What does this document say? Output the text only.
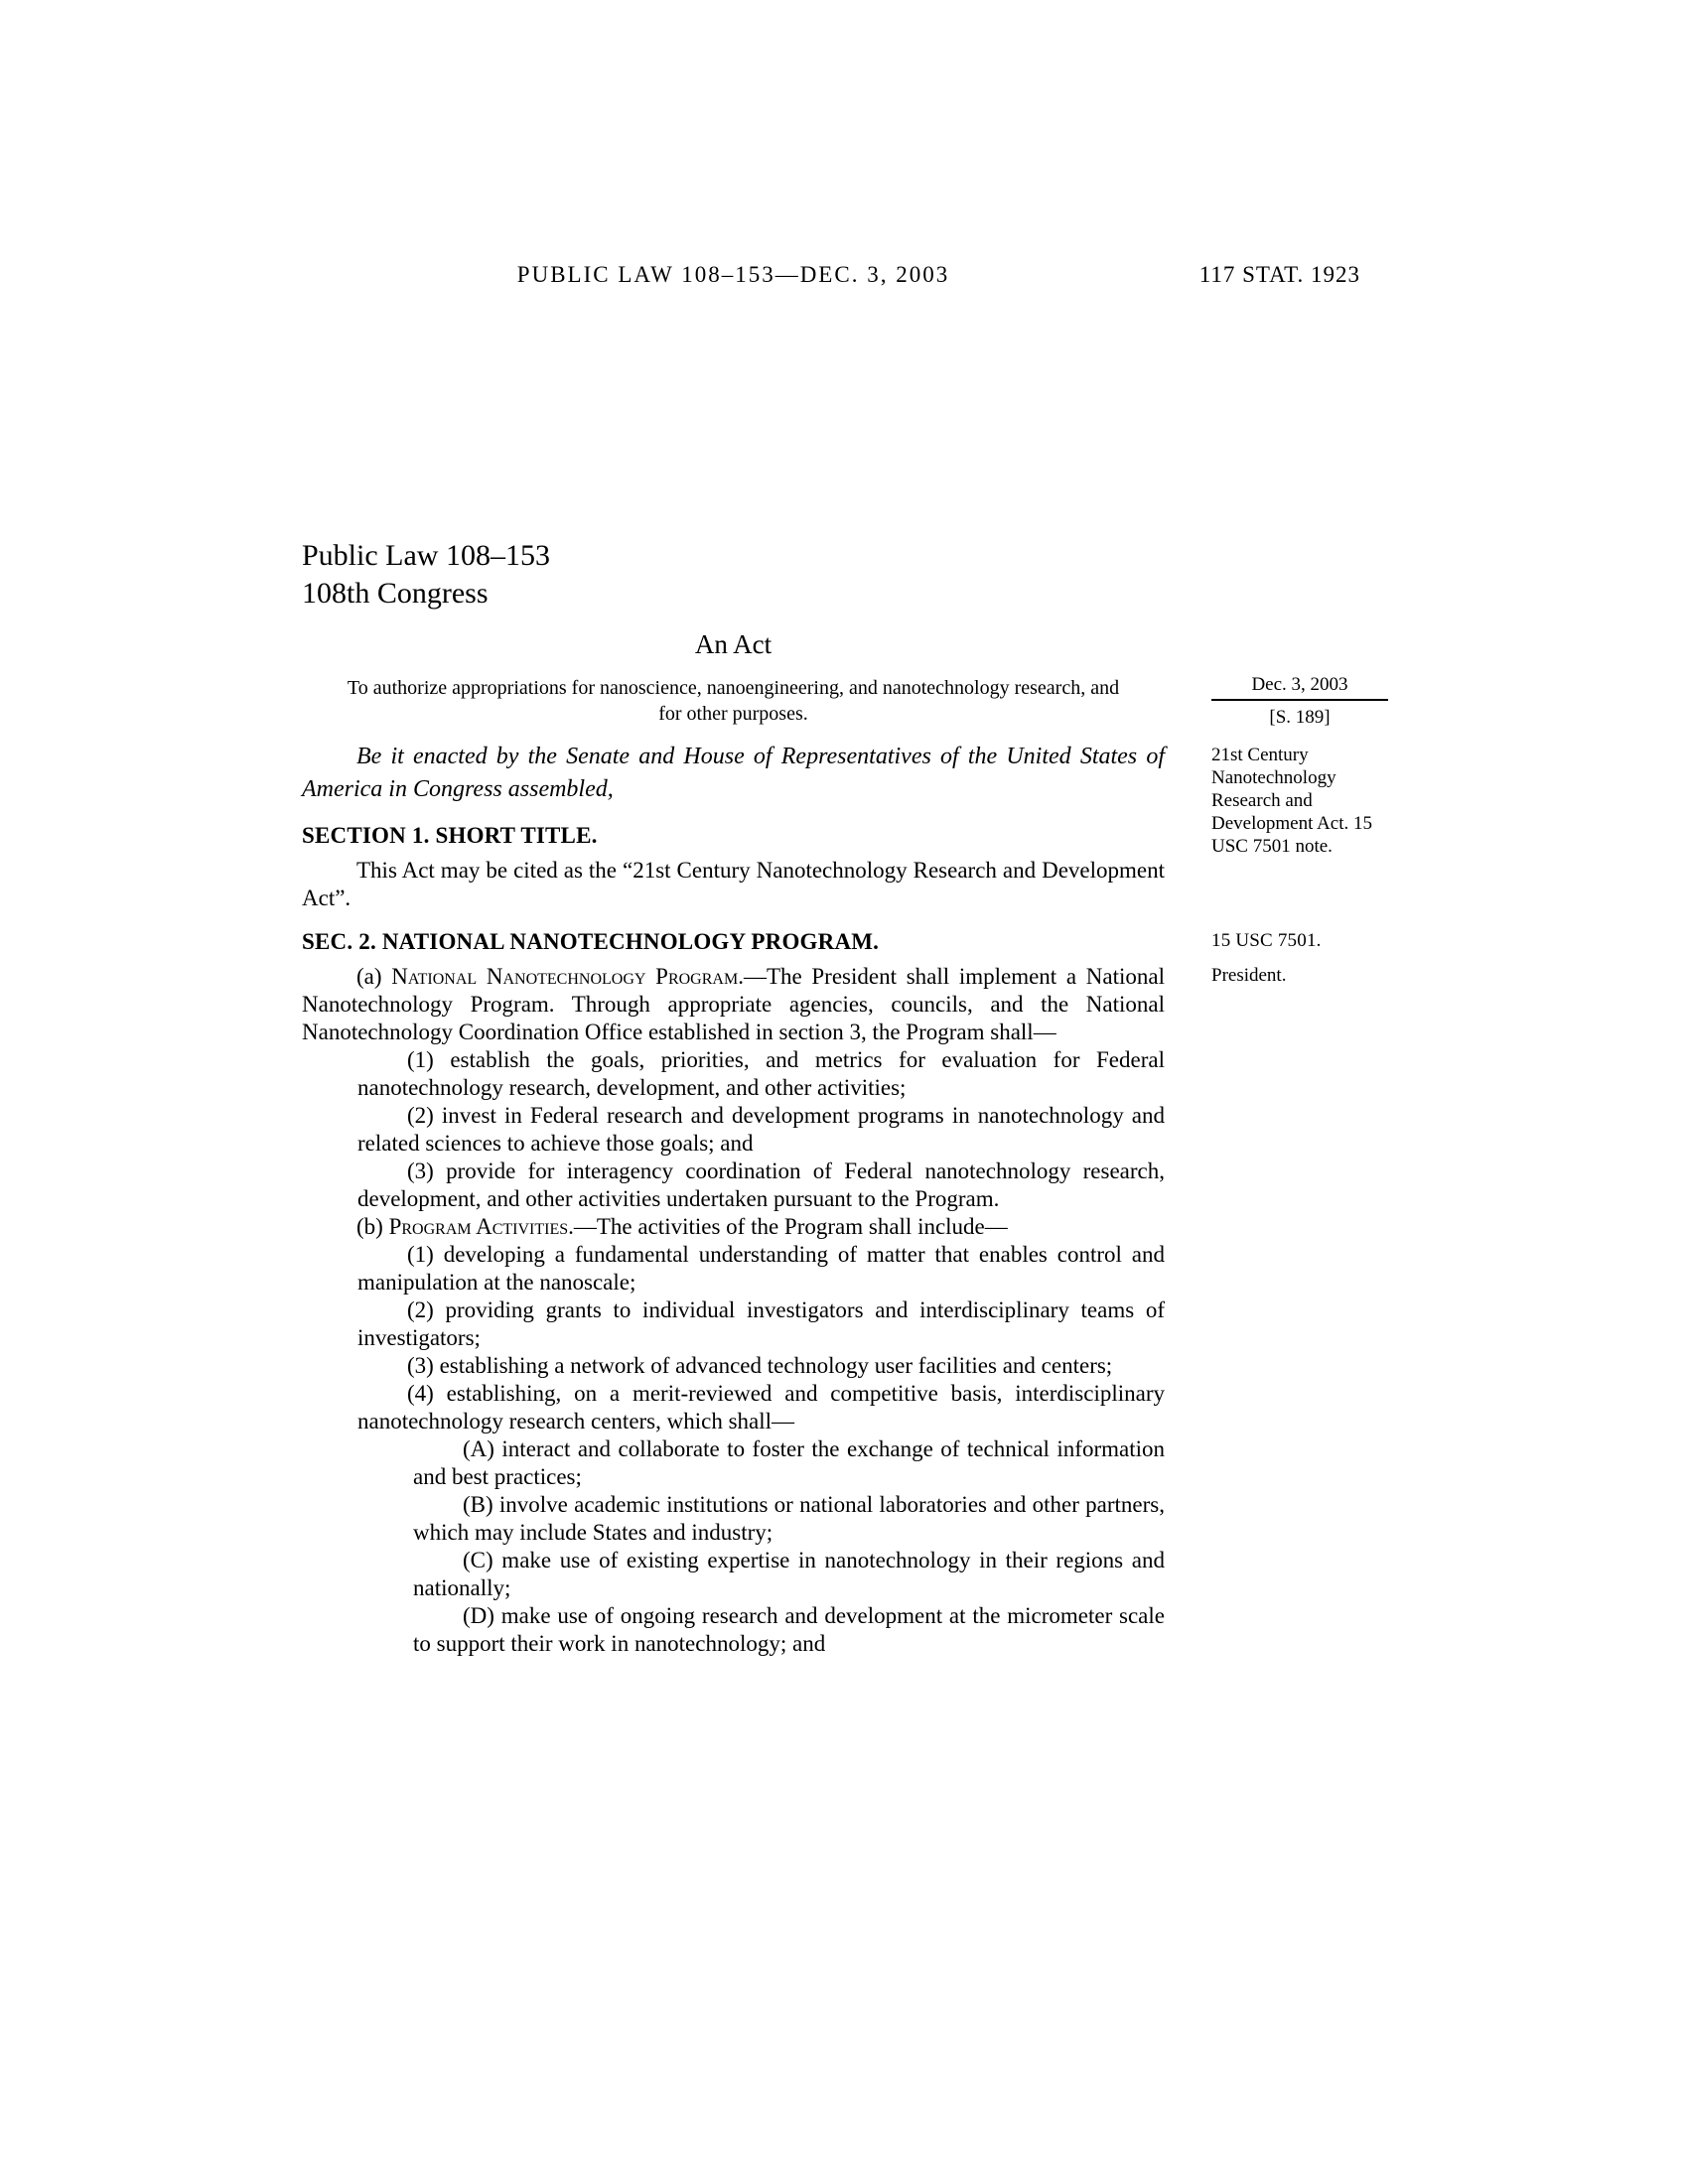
PUBLIC LAW 108–153—DEC. 3, 2003	117 STAT. 1923
Public Law 108–153
108th Congress
An Act

To authorize appropriations for nanoscience, nanoengineering, and nanotechnology research, and for other purposes.

Dec. 3, 2003
[S. 189]

Be it enacted by the Senate and House of Representatives of the United States of America in Congress assembled,
21st Century Nanotechnology Research and Development Act. 15 USC 7501 note.

SECTION 1. SHORT TITLE.

This Act may be cited as the “21st Century Nanotechnology Research and Development Act”.

SEC. 2. NATIONAL NANOTECHNOLOGY PROGRAM.	15 USC 7501.

(a) National Nanotechnology Program.—The President shall implement a National Nanotechnology Program. Through appropriate agencies, councils, and the National Nanotechnology Coordination Office established in section 3, the Program shall—
President.

(1) establish the goals, priorities, and metrics for evaluation for Federal nanotechnology research, development, and other activities;

(2) invest in Federal research and development programs in nanotechnology and related sciences to achieve those goals; and

(3) provide for interagency coordination of Federal nanotechnology research, development, and other activities undertaken pursuant to the Program.

(b) Program Activities.—The activities of the Program shall include—

(1) developing a fundamental understanding of matter that enables control and manipulation at the nanoscale;

(2) providing grants to individual investigators and interdisciplinary teams of investigators;

(3) establishing a network of advanced technology user facilities and centers;

(4) establishing, on a merit-reviewed and competitive basis, interdisciplinary nanotechnology research centers, which shall—

(A) interact and collaborate to foster the exchange of technical information and best practices;

(B) involve academic institutions or national laboratories and other partners, which may include States and industry;

(C) make use of existing expertise in nanotechnology in their regions and nationally;

(D) make use of ongoing research and development at the micrometer scale to support their work in nanotechnology; and
